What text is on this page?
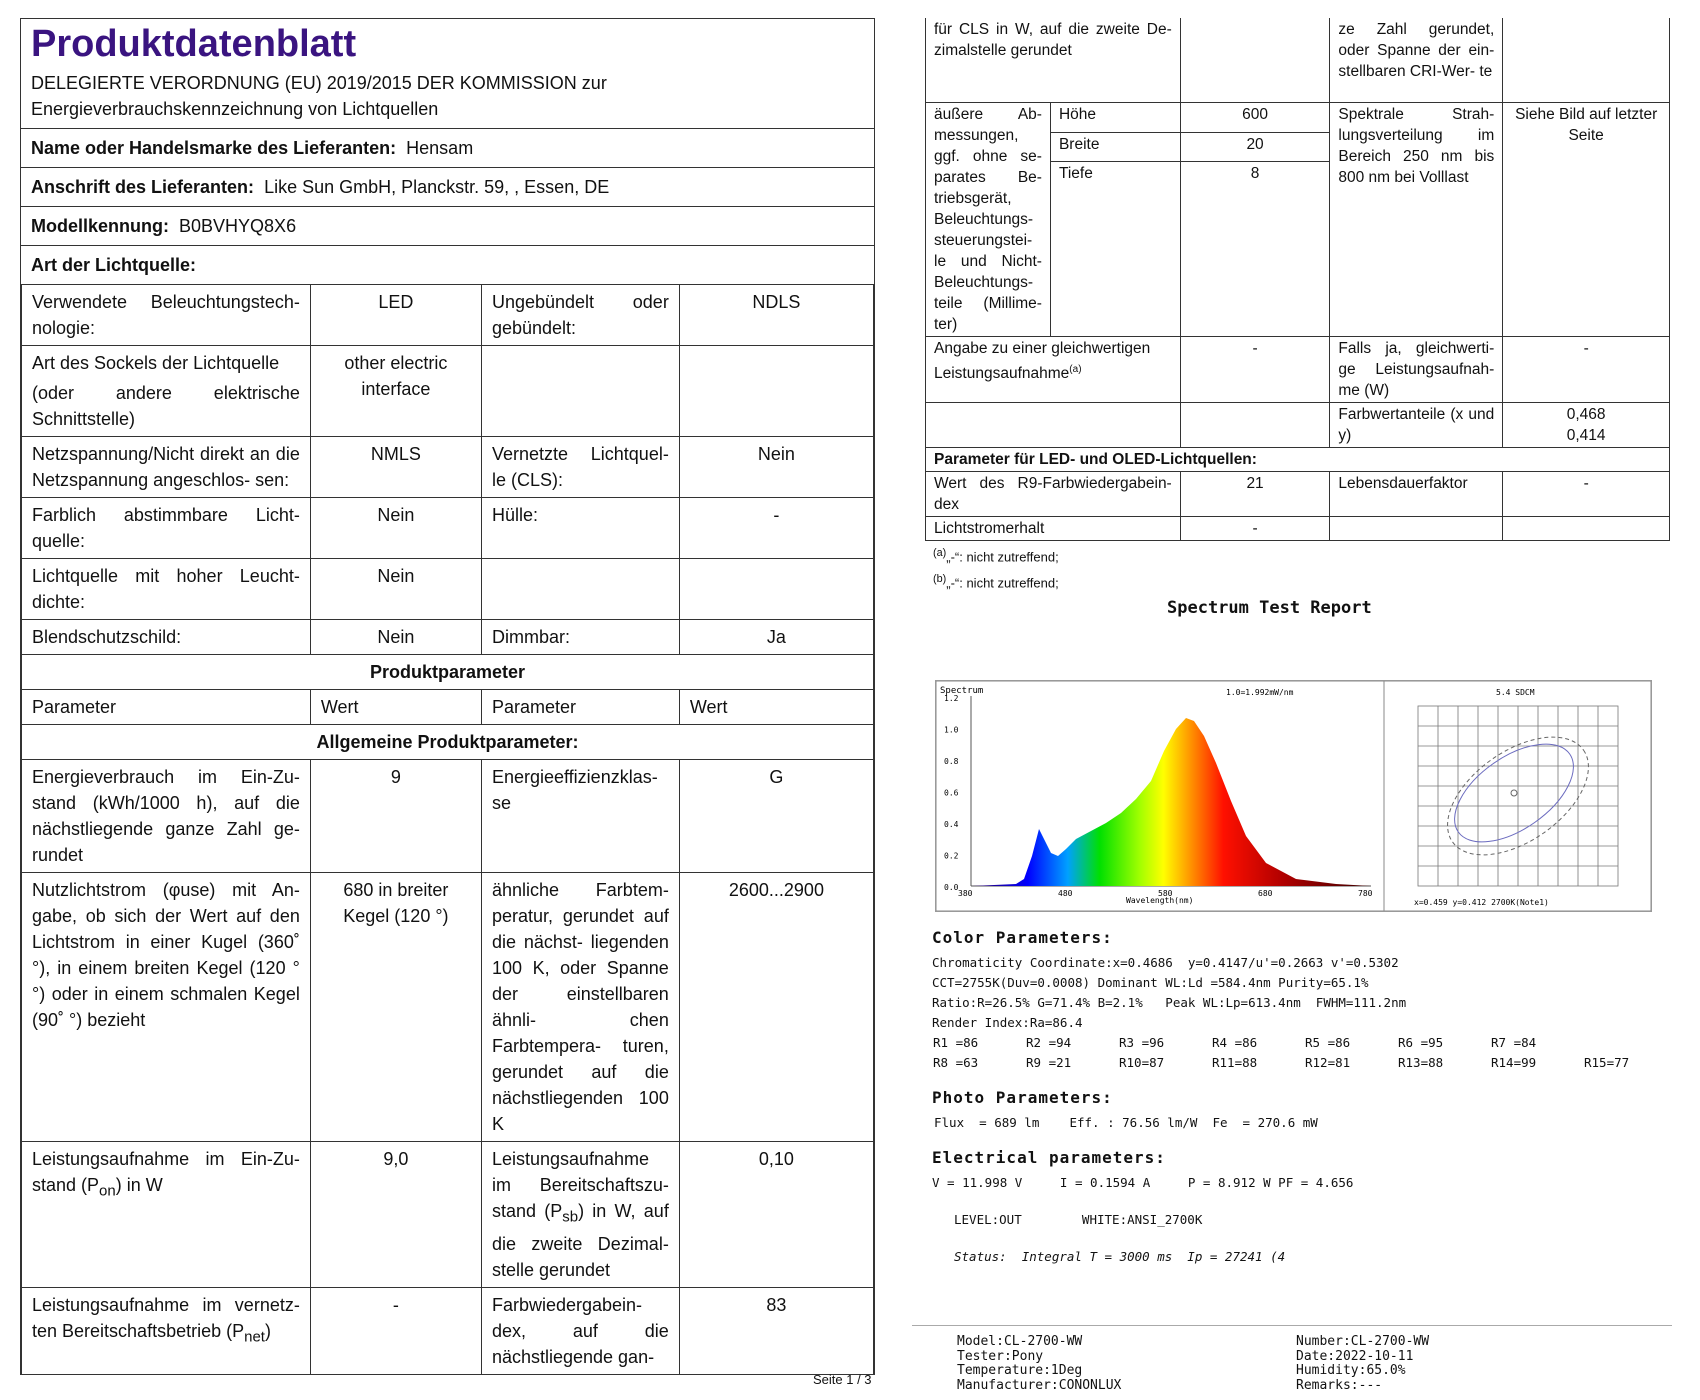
Produktdatenblatt
DELEGIERTE VERORDNUNG (EU) 2019/2015 DER KOMMISSION zur Energieverbrauchskennzeichnung von Lichtquellen
Name oder Handelsmarke des Lieferanten: Hensam
Anschrift des Lieferanten: Like Sun GmbH, Planckstr. 59, , Essen, DE
Modellkennung: B0BVHYQ8X6
Art der Lichtquelle:
Verwendete Beleuchtungstech- nologie:	LED	Ungebündelt oder gebündelt:	NDLS

Art des Sockels der Lichtquelle
(oder andere elektrische Schnittstelle)	other electric interface		
Netzspannung/Nicht direkt an die Netzspannung angeschlos- sen:	NMLS	Vernetzte Lichtquel- le (CLS):	Nein
Farblich abstimmbare Licht- quelle:	Nein	Hülle:	-
Lichtquelle mit hoher Leucht- dichte:	Nein		
Blendschutzschild:	Nein	Dimmbar:	Ja
Produktparameter			
Parameter	Wert	Parameter	Wert
Allgemeine Produktparameter:			
Energieverbrauch im Ein-Zu- stand (kWh/1000 h), auf die nächstliegende ganze Zahl ge- rundet	9	Energieeffizienzklas- se	G
Nutzlichtstrom (φuse) mit An- gabe, ob sich der Wert auf den Lichtstrom in einer Kugel (360˚ °), in einem breiten Kegel (120 °°) oder in einem schmalen Kegel (90˚ °) bezieht	680 in breiter Kegel (120 °)	ähnliche Farbtem- peratur, gerundet auf die nächst- liegenden 100 K, oder Spanne der einstellbaren ähnli- chen Farbtempera- turen, gerundet auf die nächstliegenden 100 K	2600...2900
Leistungsaufnahme im Ein-Zu- stand $(P_{on})$ in W	9,0	Leistungsaufnahme im Bereitschaftszu- stand $(P_{sb})$ in W, auf die zweite Dezimal- stelle gerundet	0,10
Leistungsaufnahme im vernetz- ten Bereitschaftsbetrieb $(P_{net})$	-	Farbwiedergabein- dex, auf die nächstliegende gan-	83
Seite 1 / 3
für CLS in W, auf die zweite De- zimalstelle gerundet			ze Zahl gerundet, oder Spanne der ein- stellbaren CRI-Wer- te	
äußere Ab- messungen, ggf. ohne se- parates Be- triebsgerät, Beleuchtungs- steuerungstei- le und Nicht- Beleuchtungs- teile (Millime- ter)	Höhe	600	Spektrale Strah- lungsverteilung im Bereich 250 nm bis 800 nm bei Volllast	Siehe Bild auf letzter Seite
	Breite	20		
	Tiefe	8		
Angabe zu einer gleichwertigen Leistungsaufnahme$^{(a)}$		-	Falls ja, gleichwerti- ge Leistungsaufnah- me (W)	-
			Farbwertanteile (x und y)	0,468
0,414

Parameter für LED- und OLED-Lichtquellen:				
Wert des R9-Farbwiedergabein- dex		21	Lebensdauerfaktor	-
Lichtstromerhalt		-		
$^{(a)}$„-“: nicht zutreffend;
$^{(b)}$„-“: nicht zutreffend;
Spectrum Test Report
Spectrum	1.0=1.992mW/nm
1.2
1.0
0.8
0.6
0.4
0.2
0.0
380	480	580	680	780
Wavelength(nm)
5.4 SDCM
x=0.459 y=0.412 2700K(Note1)
Color Parameters:
Chromaticity Coordinate:x=0.4686  y=0.4147/u'=0.2663 v'=0.5302
CCT=2755K(Duv=0.0008) Dominant WL:Ld =584.4nm Purity=65.1%
Ratio:R=26.5% G=71.4% B=2.1%   Peak WL:Lp=613.4nm  FWHM=111.2nm
Render Index:Ra=86.4
R1 =86	R2 =94	R3 =96	R4 =86	R5 =86	R6 =95	R7 =84
R8 =63	R9 =21	R10=87	R11=88	R12=81	R13=88	R14=99	R15=77
Photo Parameters:
Flux  = 689 lm    Eff. : 76.56 lm/W  Fe  = 270.6 mW
Electrical parameters:
V = 11.998 V     I = 0.1594 A     P = 8.912 W PF = 4.656
LEVEL:OUT        WHITE:ANSI_2700K
Status:  Integral T = 3000 ms  Ip = 27241 (4
Model:CL-2700-WW
Tester:Pony
Temperature:1Deg
Manufacturer:CONONLUX
Number:CL-2700-WW
Date:2022-10-11
Humidity:65.0%
Remarks:---
